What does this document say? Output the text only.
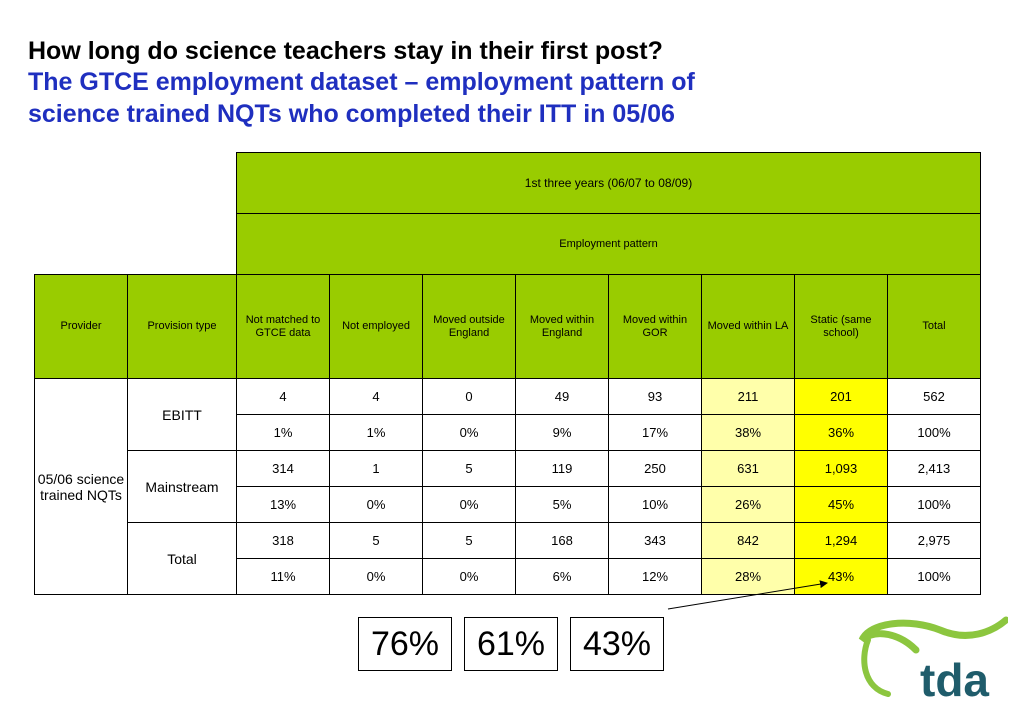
How long do science teachers stay in their first post?
The GTCE employment dataset – employment pattern of
science trained NQTs who completed their ITT in 05/06
		1st three years (06/07 to 08/09)							
		Employment pattern							
Provider	Provision type	Not matched to GTCE data	Not employed	Moved outside England	Moved within England	Moved within GOR	Moved within LA	Static (same school)	Total
05/06 science trained NQTs	EBITT	4	4	0	49	93	211	201	562
		1%	1%	0%	9%	17%	38%	36%	100%
	Mainstream	314	1	5	119	250	631	1,093	2,413
		13%	0%	0%	5%	10%	26%	45%	100%
	Total	318	5	5	168	343	842	1,294	2,975
		11%	0%	0%	6%	12%	28%	43%	100%
76%	61%	43%
tda
